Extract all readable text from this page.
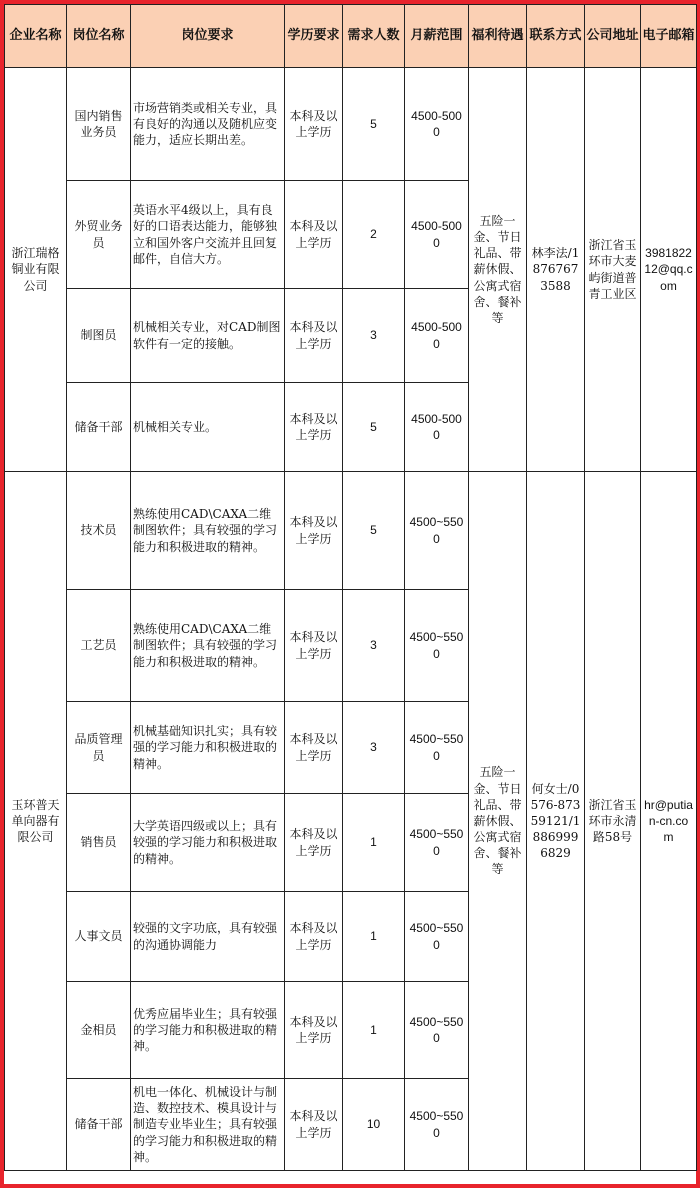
企业名称	岗位名称	岗位要求	学历要求	需求人数	月薪范围	福利待遇	联系方式	公司地址	电子邮箱
浙江瑞格铜业有限公司	国内销售业务员	市场营销类或相关专业，具有良好的沟通以及随机应变能力，适应长期出差。	本科及以上学历	5	4500-5000	五险一金、节日礼品、带薪休假、公寓式宿舍、餐补等	林李法/18767673588	浙江省玉环市大麦屿街道普青工业区	398182212@qq.com
	外贸业务员	英语水平4级以上，具有良好的口语表达能力，能够独立和国外客户交流并且回复邮件，自信大方。	本科及以上学历	2	4500-5000				
	制图员	机械相关专业，对CAD制图软件有一定的接触。	本科及以上学历	3	4500-5000				
	储备干部	机械相关专业。	本科及以上学历	5	4500-5000				
玉环普天单向器有限公司	技术员	熟练使用CAD\CAXA二维制图软件；具有较强的学习能力和积极进取的精神。	本科及以上学历	5	4500~5500	五险一金、节日礼品、带薪休假、公寓式宿舍、餐补等	何女士/0576-87359121/18869996829	浙江省玉环市永清路58号	hr@putian-cn.com
	工艺员	熟练使用CAD\CAXA二维制图软件；具有较强的学习能力和积极进取的精神。	本科及以上学历	3	4500~5500				
	品质管理员	机械基础知识扎实；具有较强的学习能力和积极进取的精神。	本科及以上学历	3	4500~5500				
	销售员	大学英语四级或以上；具有较强的学习能力和积极进取的精神。	本科及以上学历	1	4500~5500				
	人事文员	较强的文字功底，具有较强的沟通协调能力	本科及以上学历	1	4500~5500				
	金相员	优秀应届毕业生；具有较强的学习能力和积极进取的精神。	本科及以上学历	1	4500~5500				
	储备干部	机电一体化、机械设计与制造、数控技术、模具设计与制造专业毕业生；具有较强的学习能力和积极进取的精神。	本科及以上学历	10	4500~5500				
